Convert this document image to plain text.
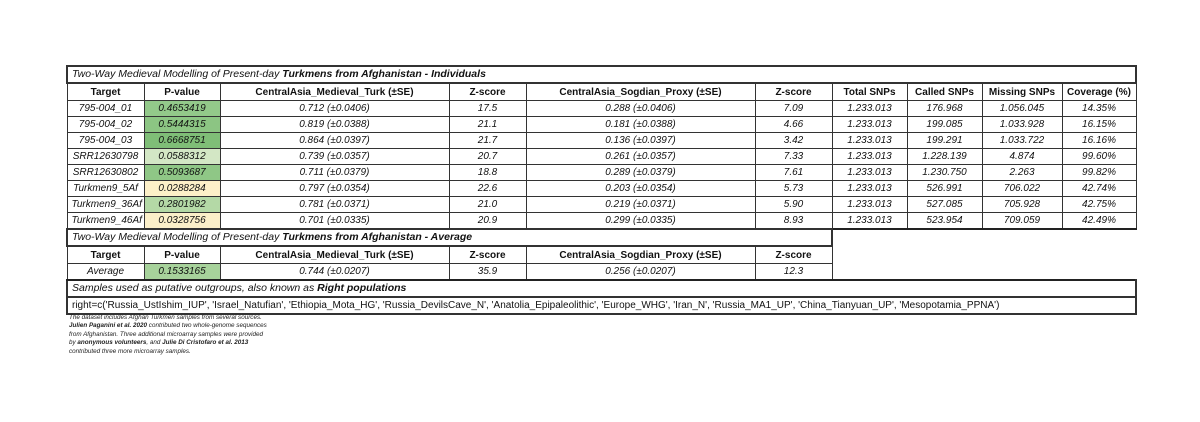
Two-Way Medieval Modelling of Present-day Turkmens from Afghanistan - Individuals									
Target	P-value	CentralAsia_Medieval_Turk (±SE)	Z-score	CentralAsia_Sogdian_Proxy (±SE)	Z-score	Total SNPs	Called SNPs	Missing SNPs	Coverage (%)
795-004_01	0.4653419	0.712 (±0.0406)	17.5	0.288 (±0.0406)	7.09	1.233.013	176.968	1.056.045	14.35%
795-004_02	0.5444315	0.819 (±0.0388)	21.1	0.181 (±0.0388)	4.66	1.233.013	199.085	1.033.928	16.15%
795-004_03	0.6668751	0.864 (±0.0397)	21.7	0.136 (±0.0397)	3.42	1.233.013	199.291	1.033.722	16.16%
SRR12630798	0.0588312	0.739 (±0.0357)	20.7	0.261 (±0.0357)	7.33	1.233.013	1.228.139	4.874	99.60%
SRR12630802	0.5093687	0.711 (±0.0379)	18.8	0.289 (±0.0379)	7.61	1.233.013	1.230.750	2.263	99.82%
Turkmen9_5Af	0.0288284	0.797 (±0.0354)	22.6	0.203 (±0.0354)	5.73	1.233.013	526.991	706.022	42.74%
Turkmen9_36Af	0.2801982	0.781 (±0.0371)	21.0	0.219 (±0.0371)	5.90	1.233.013	527.085	705.928	42.75%
Turkmen9_46Af	0.0328756	0.701 (±0.0335)	20.9	0.299 (±0.0335)	8.93	1.233.013	523.954	709.059	42.49%
Two-Way Medieval Modelling of Present-day Turkmens from Afghanistan - Average									
Target	P-value	CentralAsia_Medieval_Turk (±SE)	Z-score	CentralAsia_Sogdian_Proxy (±SE)	Z-score				
Average	0.1533165	0.744 (±0.0207)	35.9	0.256 (±0.0207)	12.3				
Samples used as putative outgroups, also known as Right populations									
right=c('Russia_UstIshim_IUP', 'Israel_Natufian', 'Ethiopia_Mota_HG', 'Russia_DevilsCave_N', 'Anatolia_Epipaleolithic', 'Europe_WHG', 'Iran_N', 'Russia_MA1_UP', 'China_Tianyuan_UP', 'Mesopotamia_PPNA')									
The dataset includes Afghan Turkmen samples from several sources.
Julien Paganini et al. 2020 contributed two whole-genome sequences
from Afghanistan. Three additional microarray samples were provided
by anonymous volunteers, and Julie Di Cristofaro et al. 2013
contributed three more microarray samples.
